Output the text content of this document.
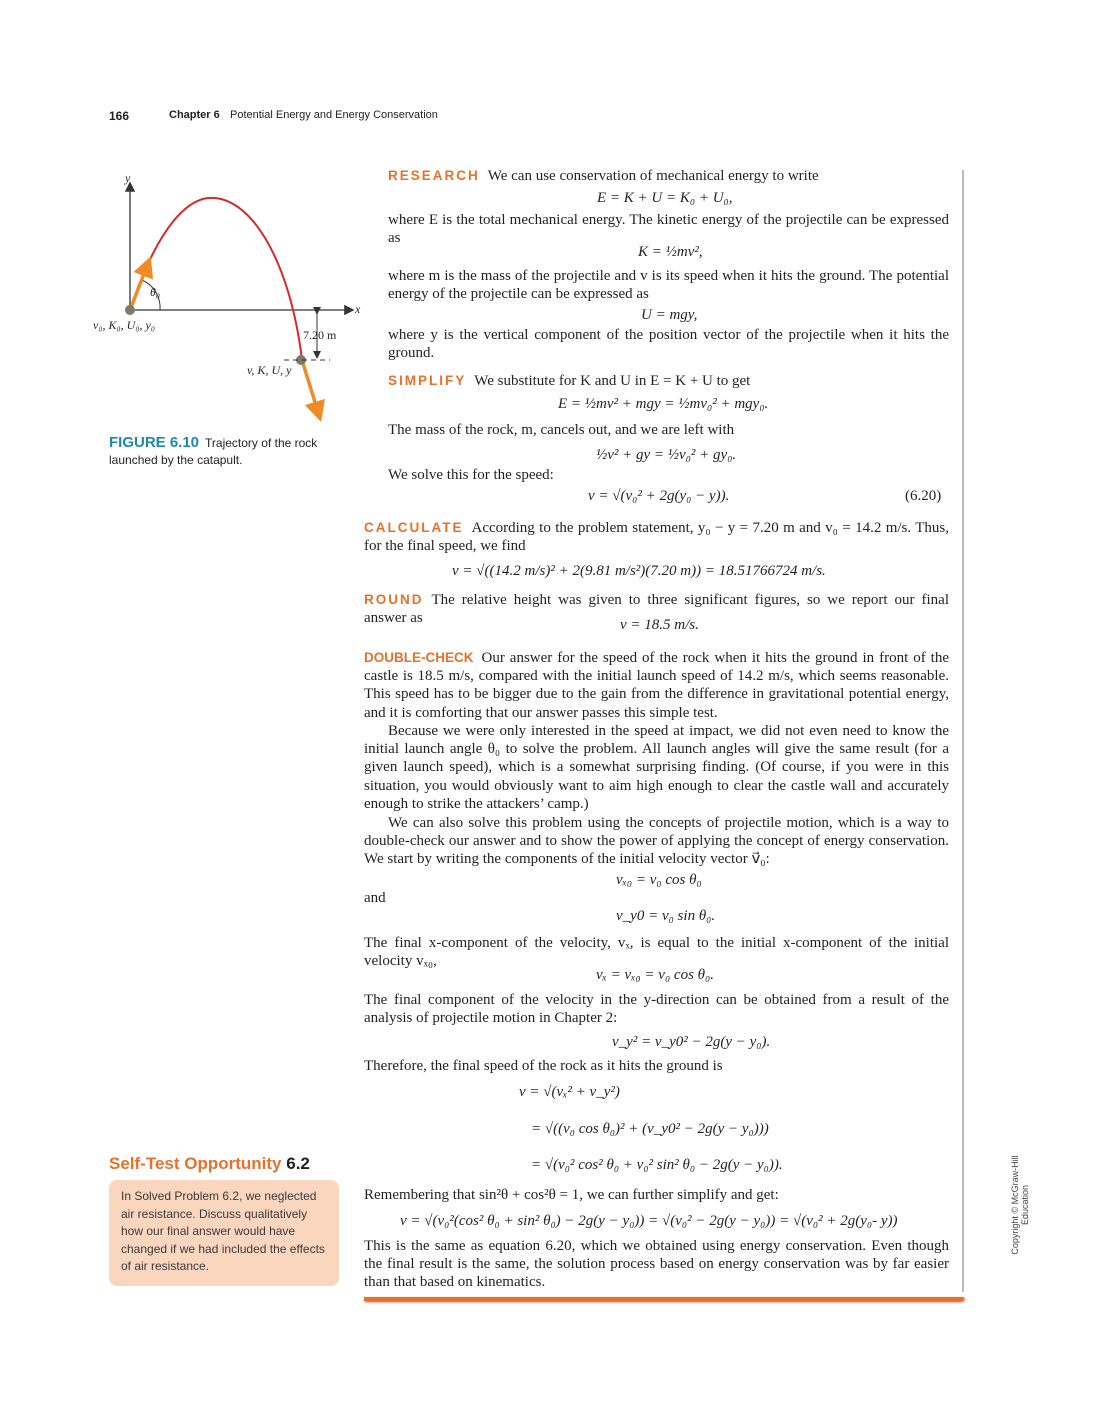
166	Chapter 6 Potential Energy and Energy Conservation
y
x
θ₀
v₀, K₀, U₀, y₀
7.20 m
v, K, U, y
FIGURE 6.10 Trajectory of the rock launched by the catapult.
RESEARCH We can use conservation of mechanical energy to write
E = K + U = K₀ + U₀,
where E is the total mechanical energy. The kinetic energy of the projectile can be expressed as
K = ½mv²,
where m is the mass of the projectile and v is its speed when it hits the ground. The potential energy of the projectile can be expressed as
U = mgy,
where y is the vertical component of the position vector of the projectile when it hits the ground.
SIMPLIFY We substitute for K and U in E = K + U to get
E = ½mv² + mgy = ½mv₀² + mgy₀.
The mass of the rock, m, cancels out, and we are left with
½v² + gy = ½v₀² + gy₀.
We solve this for the speed:
v = √(v₀² + 2g(y₀ − y)).	(6.20)
CALCULATE According to the problem statement, y₀ − y = 7.20 m and v₀ = 14.2 m/s. Thus, for the final speed, we find
v = √((14.2 m/s)² + 2(9.81 m/s²)(7.20 m)) = 18.51766724 m/s.
ROUND The relative height was given to three significant figures, so we report our final answer as	v = 18.5 m/s.
DOUBLE-CHECK Our answer for the speed of the rock when it hits the ground in front of the castle is 18.5 m/s, compared with the initial launch speed of 14.2 m/s, which seems reasonable. This speed has to be bigger due to the gain from the difference in gravitational potential energy, and it is comforting that our answer passes this simple test.
Because we were only interested in the speed at impact, we did not even need to know the initial launch angle θ₀ to solve the problem. All launch angles will give the same result (for a given launch speed), which is a somewhat surprising finding. (Of course, if you were in this situation, you would obviously want to aim high enough to clear the castle wall and accurately enough to strike the attackers’ camp.)
We can also solve this problem using the concepts of projectile motion, which is a way to double-check our answer and to show the power of applying the concept of energy conservation. We start by writing the components of the initial velocity vector v⃗₀:
vₓ₀ = v₀ cos θ₀
and
v_y0 = v₀ sin θ₀.
The final x-component of the velocity, vₓ, is equal to the initial x-component of the initial velocity vₓ₀,
vₓ = vₓ₀ = v₀ cos θ₀.
The final component of the velocity in the y-direction can be obtained from a result of the analysis of projectile motion in Chapter 2:
v_y² = v_y0² − 2g(y − y₀).
Therefore, the final speed of the rock as it hits the ground is
v = √(vₓ² + v_y²)
= √((v₀ cos θ₀)² + (v_y0² − 2g(y − y₀)))
= √(v₀² cos² θ₀ + v₀² sin² θ₀ − 2g(y − y₀)).
Remembering that sin²θ + cos²θ = 1, we can further simplify and get:
v = √(v₀²(cos² θ₀ + sin² θ₀) − 2g(y − y₀)) = √(v₀² − 2g(y − y₀)) = √(v₀² + 2g(y₀- y))
This is the same as equation 6.20, which we obtained using energy conservation. Even though the final result is the same, the solution process based on energy conservation was by far easier than that based on kinematics.
Self-Test Opportunity 6.2
In Solved Problem 6.2, we neglected air resistance. Discuss qualitatively how our final answer would have changed if we had included the effects of air resistance.
Copyright © McGraw-Hill Education
